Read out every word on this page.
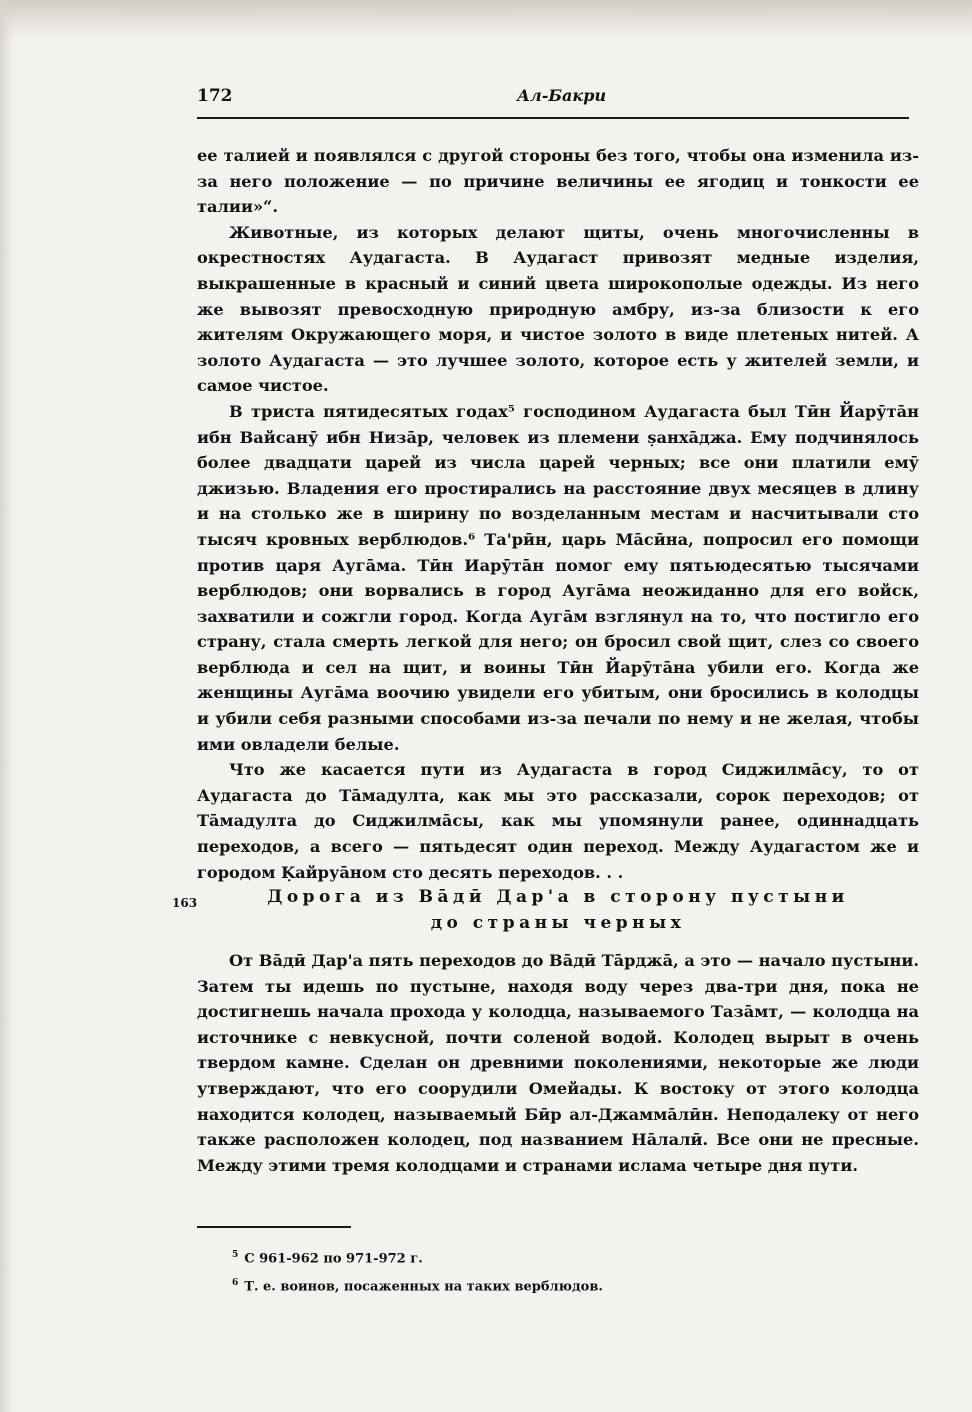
172	Ал-Бакри

ее талией и появлялся с другой стороны без того, чтобы она изменила из-за него положение — по причине величины ее ягодиц и тонкости ее талии»“.

Животные, из которых делают щиты, очень многочисленны в окрестностях Аудагаста. В Аудагаст привозят медные изделия, выкрашенные в красный и синий цвета широкополые одежды. Из него же вывозят превосходную природную амбру, из-за близости к его жителям Окружающего моря, и чистое золото в виде плетеных нитей. А золото Аудагаста — это лучшее золото, которое есть у жителей земли, и самое чистое.

В триста пятидесятых годах⁵ господином Аудагаста был Тӣн Йарӯтāн ибн Вайсанӯ ибн Низāр, человек из племени ṣанхāджа. Ему подчинялось более двадцати царей из числа царей черных; все они платили емӯ джизью. Владения его простирались на расстояние двух месяцев в длину и на столько же в ширину по возделанным местам и насчитывали сто тысяч кровных верблюдов.⁶ Та'рӣн, царь Мāсӣна, попросил его помощи против царя Аугāма. Тӣн Иарӯтāн помог ему пятьюдесятью тысячами верблюдов; они ворвались в город Аугāма неожиданно для его войск, захватили и сожгли город. Когда Аугāм взглянул на то, что постигло его страну, стала смерть легкой для него; он бросил свой щит, слез со своего верблюда и сел на щит, и воины Тӣн Йарӯтāна убили его. Когда же женщины Аугāма воочию увидели его убитым, они бросились в колодцы и убили себя разными способами из-за печали по нему и не желая, чтобы ими овладели белые.

Что же касается пути из Аудагаста в город Сиджилмāсу, то от Аудагаста до Тāмадулта, как мы это рассказали, сорок переходов; от Тāмадулта до Сиджилмāсы, как мы упомянули ранее, одиннадцать переходов, а всего — пятьдесят один переход. Между Аудагастом же и городом Ḳайруāном сто десять переходов. . .

163	Дорога из Вāдӣ Дар'а в сторону пустыни
до страны черных

От Вāдӣ Дар'а пять переходов до Вāдӣ Тāрджā, а это — начало пустыни. Затем ты идешь по пустыне, находя воду через два-три дня, пока не достигнешь начала прохода у колодца, называемого Тазāмт, — колодца на источнике с невкусной, почти соленой водой. Колодец вырыт в очень твердом камне. Сделан он древними поколениями, некоторые же люди утверждают, что его соорудили Омейады. К востоку от этого колодца находится колодец, называемый Бӣр ал-Джаммāлӣн. Неподалеку от него также расположен колодец, под названием Нāлалӣ. Все они не пресные. Между этими тремя колодцами и странами ислама четыре дня пути.

$^5$ С 961-962 по 971-972 г.
$^6$ Т. е. воинов, посаженных на таких верблюдов.
